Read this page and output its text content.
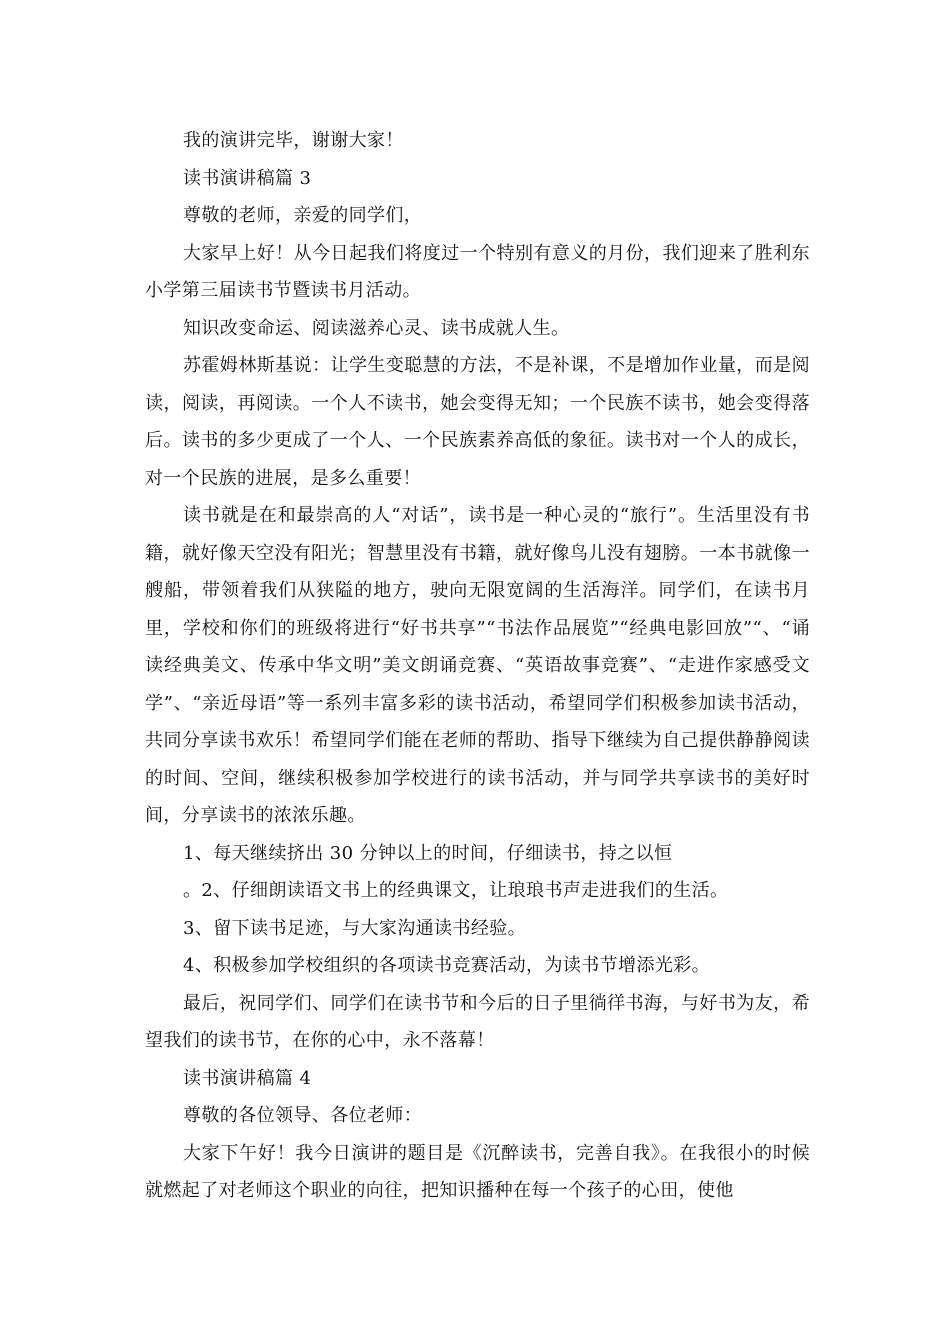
我的演讲完毕，谢谢大家！

读书演讲稿篇 3

尊敬的老师，亲爱的同学们，

大家早上好！从今日起我们将度过一个特别有意义的月份，我们迎来了胜利东小学第三届读书节暨读书月活动。

知识改变命运、阅读滋养心灵、读书成就人生。

苏霍姆林斯基说：让学生变聪慧的方法，不是补课，不是增加作业量，而是阅读，阅读，再阅读。一个人不读书，她会变得无知；一个民族不读书，她会变得落后。读书的多少更成了一个人、一个民族素养高低的象征。读书对一个人的成长，对一个民族的进展，是多么重要！

读书就是在和最崇高的人“对话”，读书是一种心灵的“旅行”。生活里没有书籍，就好像天空没有阳光；智慧里没有书籍，就好像鸟儿没有翅膀。一本书就像一艘船，带领着我们从狭隘的地方，驶向无限宽阔的生活海洋。同学们，在读书月里，学校和你们的班级将进行“好书共享”“书法作品展览”“经典电影回放”“、“诵读经典美文、传承中华文明”美文朗诵竞赛、“英语故事竞赛”、“走进作家感受文学”、“亲近母语”等一系列丰富多彩的读书活动，希望同学们积极参加读书活动，共同分享读书欢乐！希望同学们能在老师的帮助、指导下继续为自己提供静静阅读的时间、空间，继续积极参加学校进行的读书活动，并与同学共享读书的美好时间，分享读书的浓浓乐趣。

1、每天继续挤出 30 分钟以上的时间，仔细读书，持之以恒

。2、仔细朗读语文书上的经典课文，让琅琅书声走进我们的生活。

3、留下读书足迹，与大家沟通读书经验。

4、积极参加学校组织的各项读书竞赛活动，为读书节增添光彩。

最后，祝同学们、同学们在读书节和今后的日子里徜徉书海，与好书为友，希望我们的读书节，在你的心中，永不落幕！

读书演讲稿篇 4

尊敬的各位领导、各位老师：

大家下午好！我今日演讲的题目是《沉醉读书，完善自我》。在我很小的时候就燃起了对老师这个职业的向往，把知识播种在每一个孩子的心田，使他
